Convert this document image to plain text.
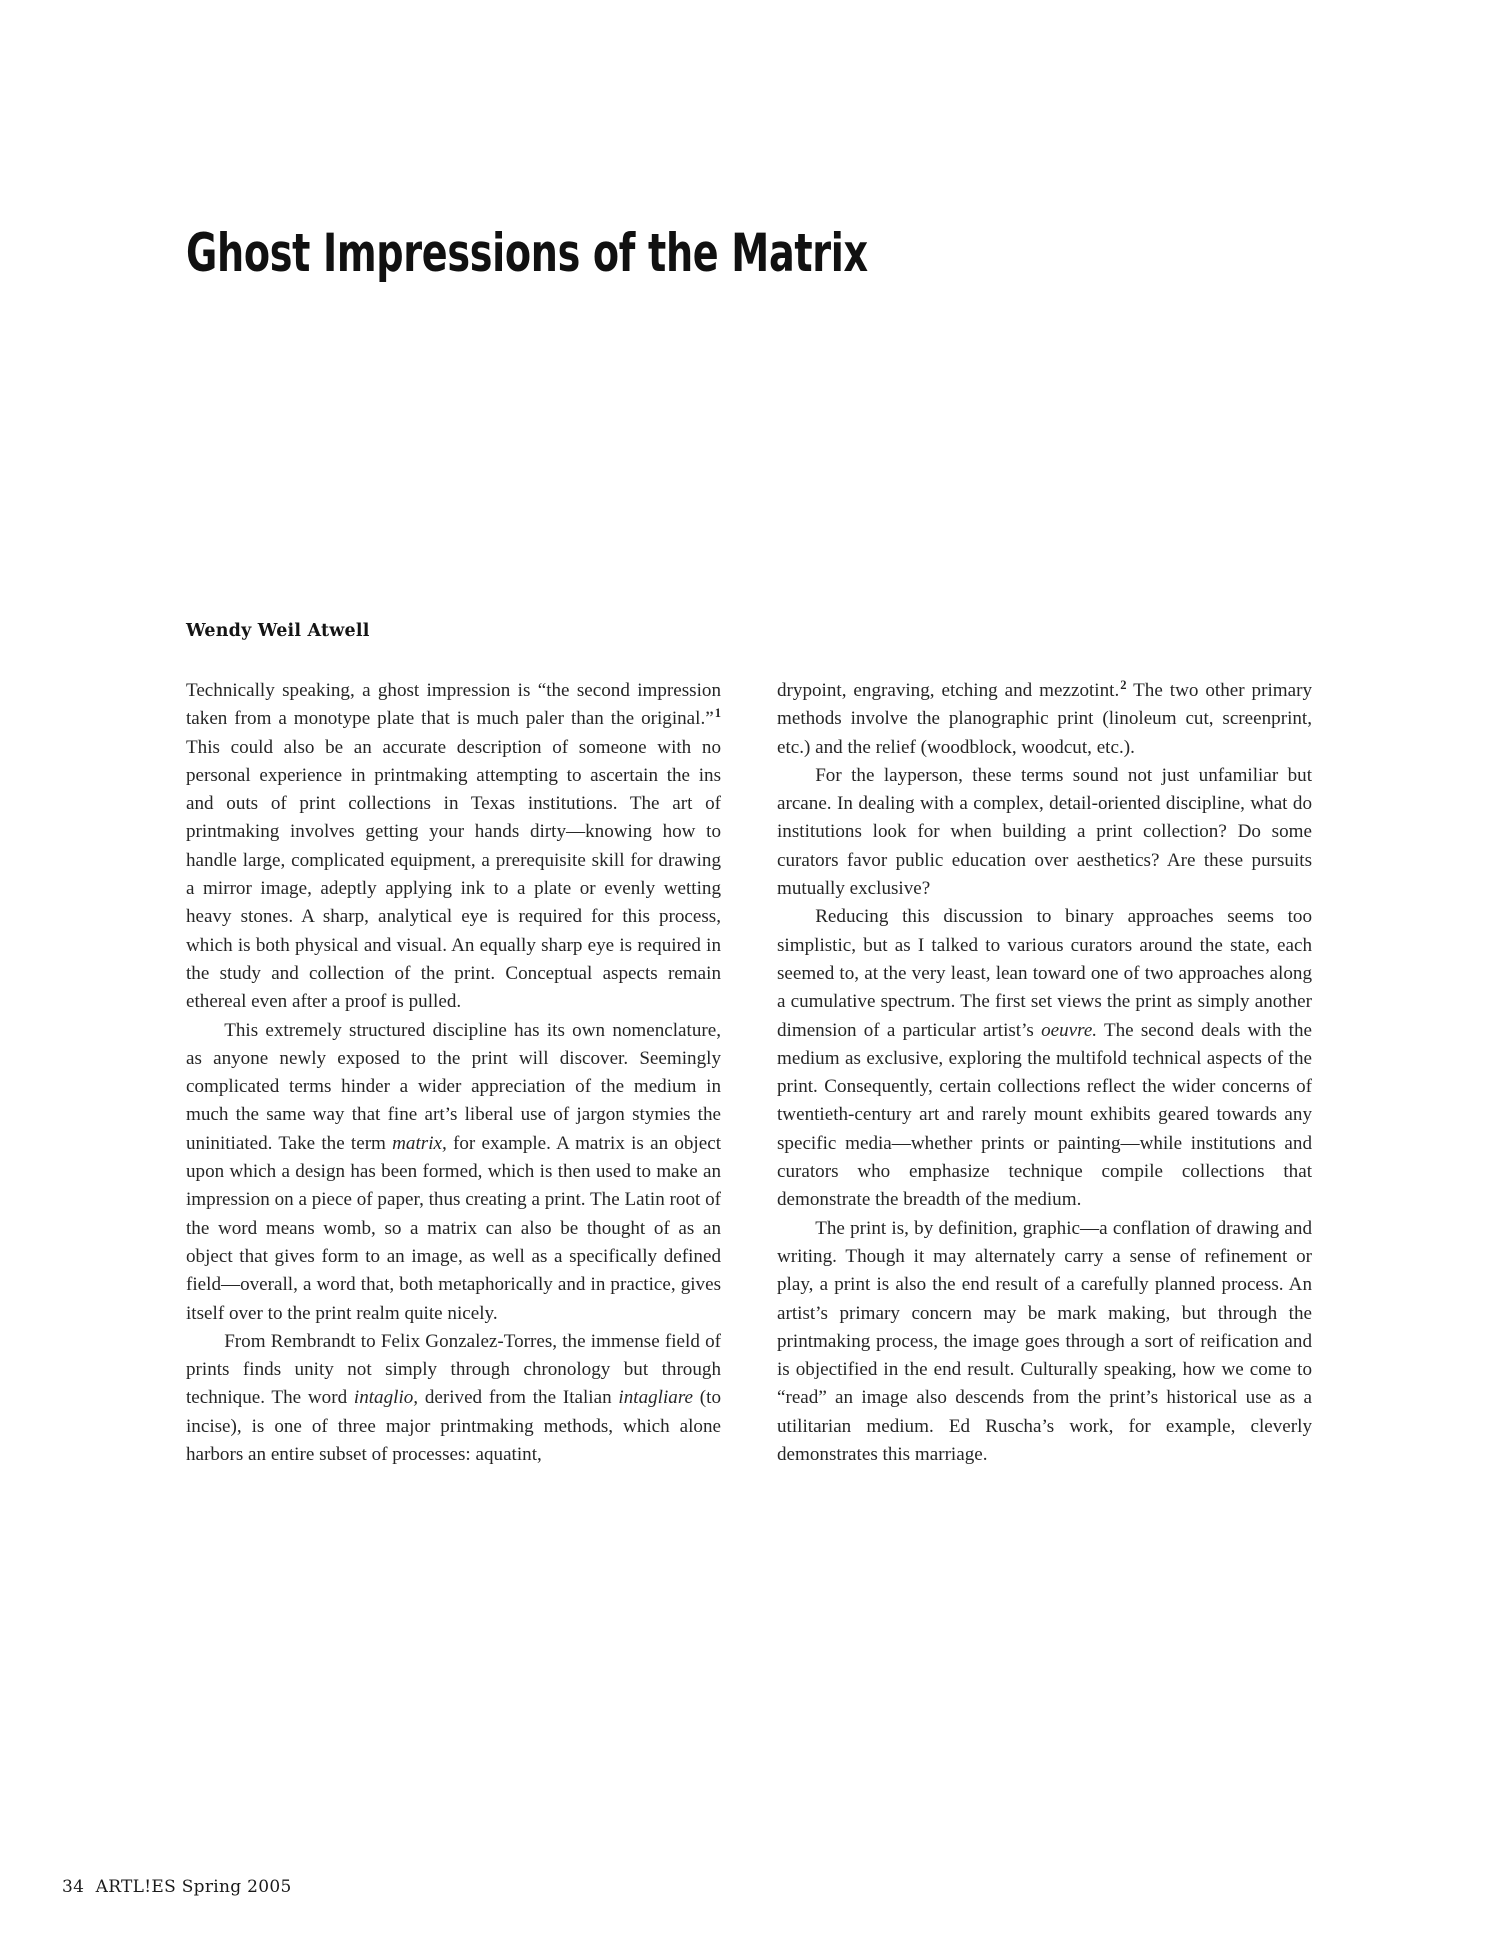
Ghost Impressions of the Matrix
Wendy Weil Atwell

Technically speaking, a ghost impression is “the second impression taken from a monotype plate that is much paler than the original.”$^1$ This could also be an accurate description of someone with no personal experience in printmaking attempting to ascertain the ins and outs of print collections in Texas institutions. The art of printmaking involves getting your hands dirty—knowing how to handle large, complicated equipment, a prerequisite skill for drawing a mirror image, adeptly applying ink to a plate or evenly wetting heavy stones. A sharp, analytical eye is required for this process, which is both physical and visual. An equally sharp eye is required in the study and collection of the print. Conceptual aspects remain ethereal even after a proof is pulled.

This extremely structured discipline has its own nomenclature, as anyone newly exposed to the print will discover. Seemingly complicated terms hinder a wider appreciation of the medium in much the same way that fine art’s liberal use of jargon stymies the uninitiated. Take the term matrix, for example. A matrix is an object upon which a design has been formed, which is then used to make an impression on a piece of paper, thus creating a print. The Latin root of the word means womb, so a matrix can also be thought of as an object that gives form to an image, as well as a specifically defined field—overall, a word that, both metaphorically and in practice, gives itself over to the print realm quite nicely.

From Rembrandt to Felix Gonzalez-Torres, the immense field of prints finds unity not simply through chronology but through technique. The word intaglio, derived from the Italian intagliare (to incise), is one of three major printmaking methods, which alone harbors an entire subset of processes: aquatint,

drypoint, engraving, etching and mezzotint.$^2$ The two other primary methods involve the planographic print (linoleum cut, screenprint, etc.) and the relief (woodblock, woodcut, etc.).

For the layperson, these terms sound not just unfamiliar but arcane. In dealing with a complex, detail-oriented discipline, what do institutions look for when building a print collection? Do some curators favor public education over aesthetics? Are these pursuits mutually exclusive?

Reducing this discussion to binary approaches seems too simplistic, but as I talked to various curators around the state, each seemed to, at the very least, lean toward one of two approaches along a cumulative spectrum. The first set views the print as simply another dimension of a particular artist’s oeuvre. The second deals with the medium as exclusive, exploring the multifold technical aspects of the print. Consequently, certain collections reflect the wider concerns of twentieth-century art and rarely mount exhibits geared towards any specific media—whether prints or painting—while institutions and curators who emphasize technique compile collections that demonstrate the breadth of the medium.

The print is, by definition, graphic—a conflation of drawing and writing. Though it may alternately carry a sense of refinement or play, a print is also the end result of a carefully planned process. An artist’s primary concern may be mark making, but through the printmaking process, the image goes through a sort of reification and is objectified in the end result. Culturally speaking, how we come to “read” an image also descends from the print’s historical use as a utilitarian medium. Ed Ruscha’s work, for example, cleverly demonstrates this marriage.

34  ARTL!ES Spring 2005
